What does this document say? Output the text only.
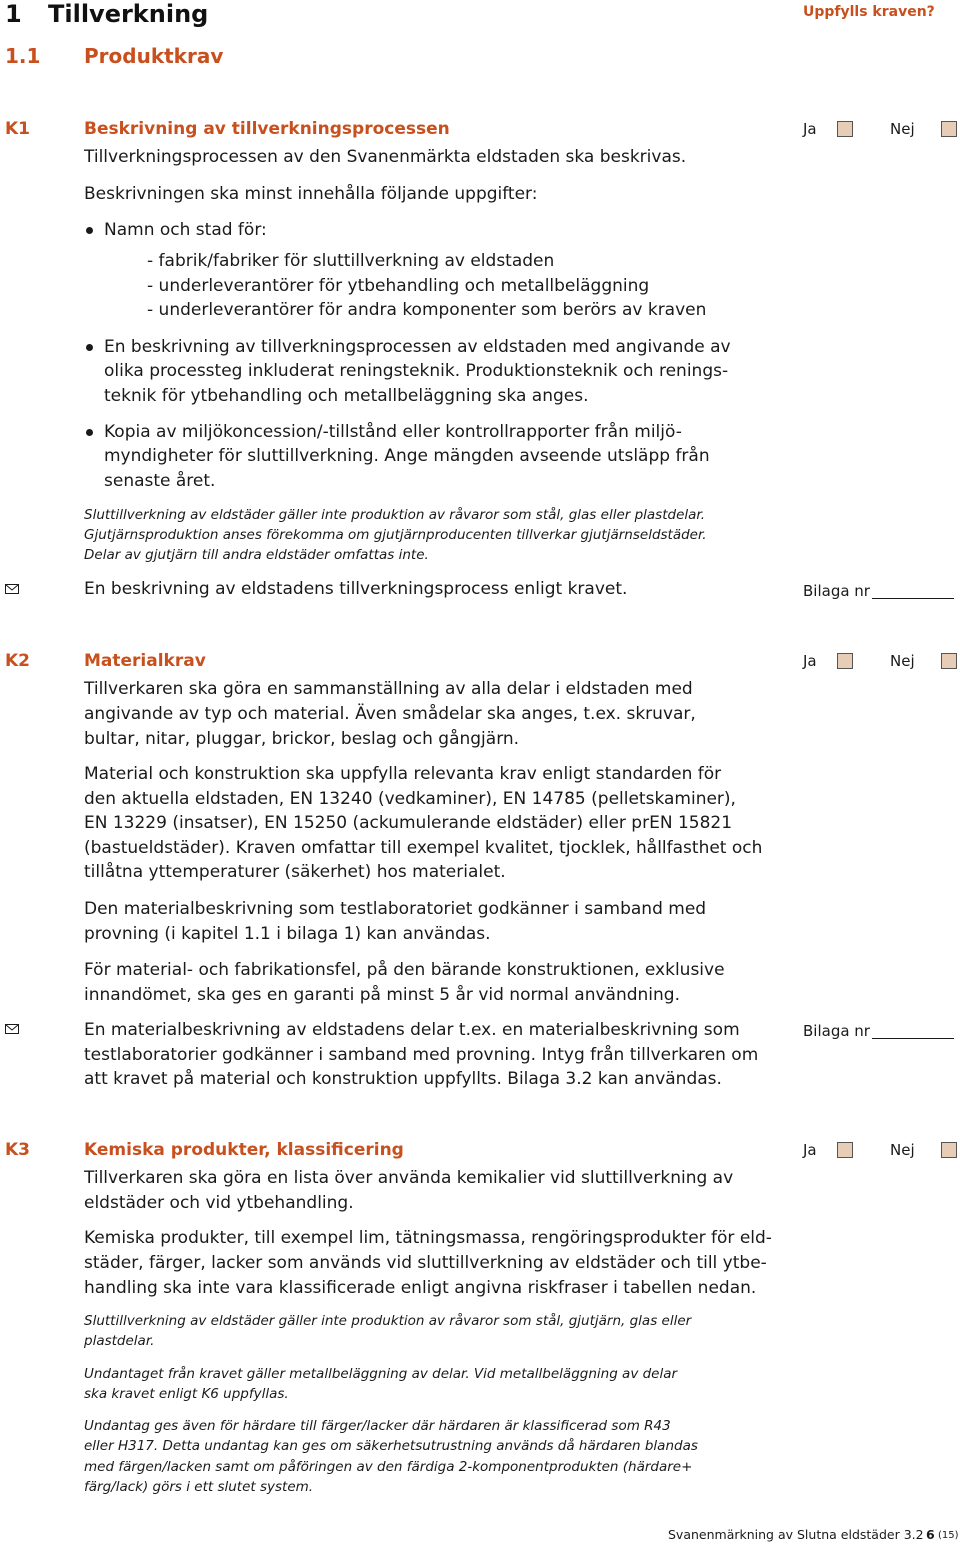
1 Tillverkning	Uppfylls kraven?
1.1 Produktkrav
K1	Beskrivning av tillverkningsprocessen	Ja	Nej
Tillverkningsprocessen av den Svanenmärkta eldstaden ska beskrivas.
Beskrivningen ska minst innehålla följande uppgifter:
Namn och stad för:
- fabrik/fabriker för sluttillverkning av eldstaden
- underleverantörer för ytbehandling och metallbeläggning
- underleverantörer för andra komponenter som berörs av kraven
En beskrivning av tillverkningsprocessen av eldstaden med angivande av
olika processteg inkluderat reningsteknik. Produktionsteknik och renings-
teknik för ytbehandling och metallbeläggning ska anges.
Kopia av miljökoncession/-tillstånd eller kontrollrapporter från miljö-
myndigheter för sluttillverkning. Ange mängden avseende utsläpp från
senaste året.
Sluttillverkning av eldstäder gäller inte produktion av råvaror som stål, glas eller plastdelar.
Gjutjärnsproduktion anses förekomma om gjutjärnproducenten tillverkar gjutjärnseldstäder.
Delar av gjutjärn till andra eldstäder omfattas inte.
En beskrivning av eldstadens tillverkningsprocess enligt kravet.	Bilaga nr
K2	Materialkrav	Ja	Nej
Tillverkaren ska göra en sammanställning av alla delar i eldstaden med
angivande av typ och material. Även smådelar ska anges, t.ex. skruvar,
bultar, nitar, pluggar, brickor, beslag och gångjärn.
Material och konstruktion ska uppfylla relevanta krav enligt standarden för
den aktuella eldstaden, EN 13240 (vedkaminer), EN 14785 (pelletskaminer),
EN 13229 (insatser), EN 15250 (ackumulerande eldstäder) eller prEN 15821
(bastueldstäder). Kraven omfattar till exempel kvalitet, tjocklek, hållfasthet och
tillåtna yttemperaturer (säkerhet) hos materialet.
Den materialbeskrivning som testlaboratoriet godkänner i samband med
provning (i kapitel 1.1 i bilaga 1) kan användas.
För material- och fabrikationsfel, på den bärande konstruktionen, exklusive
innandömet, ska ges en garanti på minst 5 år vid normal användning.
En materialbeskrivning av eldstadens delar t.ex. en materialbeskrivning som
testlaboratorier godkänner i samband med provning. Intyg från tillverkaren om
att kravet på material och konstruktion uppfyllts. Bilaga 3.2 kan användas.
Bilaga nr
K3	Kemiska produkter, klassificering	Ja	Nej
Tillverkaren ska göra en lista över använda kemikalier vid sluttillverkning av
eldstäder och vid ytbehandling.
Kemiska produkter, till exempel lim, tätningsmassa, rengöringsprodukter för eld-
städer, färger, lacker som används vid sluttillverkning av eldstäder och till ytbe-
handling ska inte vara klassificerade enligt angivna riskfraser i tabellen nedan.
Sluttillverkning av eldstäder gäller inte produktion av råvaror som stål, gjutjärn, glas eller
plastdelar.
Undantaget från kravet gäller metallbeläggning av delar. Vid metallbeläggning av delar
ska kravet enligt K6 uppfyllas.
Undantag ges även för härdare till färger/lacker där härdaren är klassificerad som R43
eller H317. Detta undantag kan ges om säkerhetsutrustning används då härdaren blandas
med färgen/lacken samt om påföringen av den färdiga 2-komponentprodukten (härdare+
färg/lack) görs i ett slutet system.
Svanenmärkning av Slutna eldstäder 3.2 6 (15)
